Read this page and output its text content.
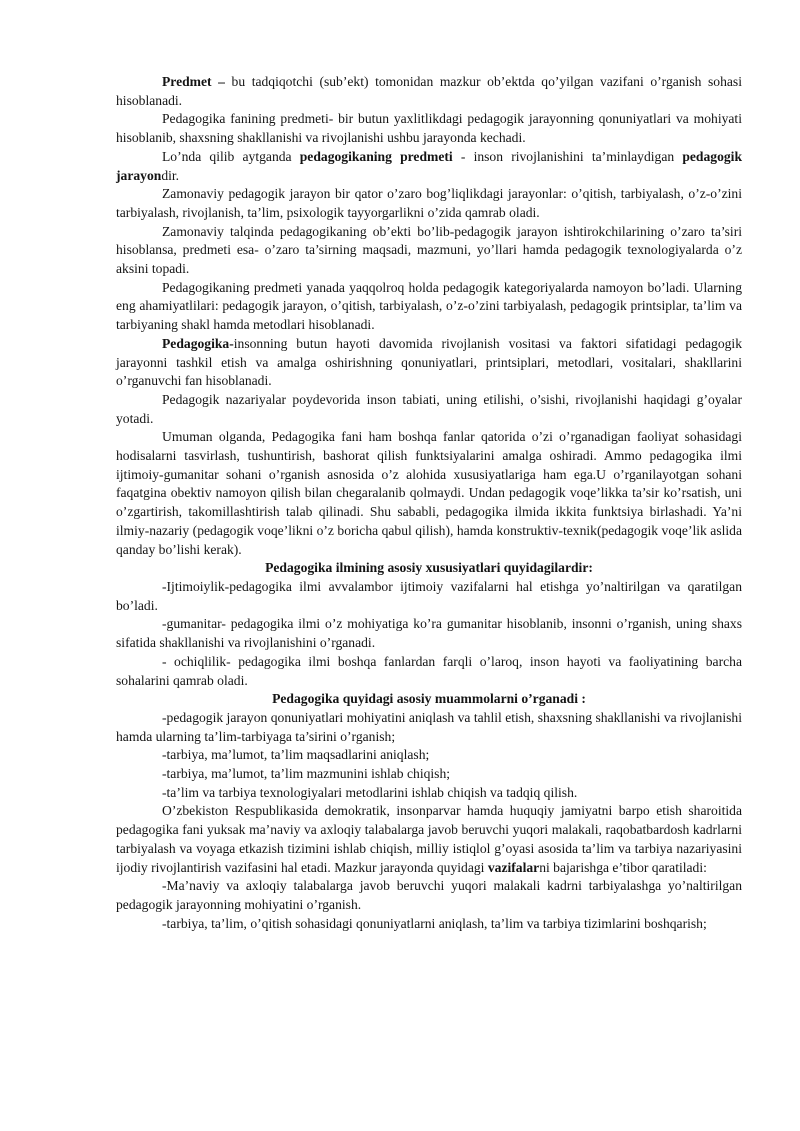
Predmet – bu tadqiqotchi (sub’ekt) tomonidan mazkur ob’ektda qo’yilgan vazifani o’rganish sohasi hisoblanadi.

Pedagogika fanining predmeti- bir butun yaxlitlikdagi pedagogik jarayonning qonuniyatlari va mohiyati hisoblanib, shaxsning shakllanishi va rivojlanishi ushbu jarayonda kechadi.

Lo’nda qilib aytganda pedagogikaning predmeti - inson rivojlanishini ta’minlaydigan pedagogik jarayondir.

Zamonaviy pedagogik jarayon bir qator o’zaro bog’liqlikdagi jarayonlar: o’qitish, tarbiyalash, o’z-o’zini tarbiyalash, rivojlanish, ta’lim, psixologik tayyorgarlikni o’zida qamrab oladi.

Zamonaviy talqinda pedagogikaning ob’ekti bo’lib-pedagogik jarayon ishtirokchilarining o’zaro ta’siri hisoblansa, predmeti esa- o’zaro ta’sirning maqsadi, mazmuni, yo’llari hamda pedagogik texnologiyalarda o’z aksini topadi.

Pedagogikaning predmeti yanada yaqqolroq holda pedagogik kategoriyalarda namoyon bo’ladi. Ularning eng ahamiyatlilari: pedagogik jarayon, o’qitish, tarbiyalash, o’z-o’zini tarbiyalash, pedagogik printsiplar, ta’lim va tarbiyaning shakl hamda metodlari hisoblanadi.

Pedagogika-insonning butun hayoti davomida rivojlanish vositasi va faktori sifatidagi pedagogik jarayonni tashkil etish va amalga oshirishning qonuniyatlari, printsiplari, metodlari, vositalari, shakllarini o’rganuvchi fan hisoblanadi.

Pedagogik nazariyalar poydevorida inson tabiati, uning etilishi, o’sishi, rivojlanishi haqidagi g’oyalar yotadi.

Umuman olganda, Pedagogika fani ham boshqa fanlar qatorida o’zi o’rganadigan faoliyat sohasidagi hodisalarni tasvirlash, tushuntirish, bashorat qilish funktsiyalarini amalga oshiradi. Ammo pedagogika ilmi ijtimoiy-gumanitar sohani o’rganish asnosida o’z alohida xususiyatlariga ham ega.U o’rganilayotgan sohani faqatgina obektiv namoyon qilish bilan chegaralanib qolmaydi. Undan pedagogik voqe’likka ta’sir ko’rsatish, uni o’zgartirish, takomillashtirish talab qilinadi. Shu sababli, pedagogika ilmida ikkita funktsiya birlashadi. Ya’ni ilmiy-nazariy (pedagogik voqe’likni o’z boricha qabul qilish), hamda konstruktiv-texnik(pedagogik voqe’lik aslida qanday bo’lishi kerak).

Pedagogika ilmining asosiy xususiyatlari quyidagilardir:

-Ijtimoiylik-pedagogika ilmi avvalambor ijtimoiy vazifalarni hal etishga yo’naltirilgan va qaratilgan bo’ladi.

-gumanitar- pedagogika ilmi o’z mohiyatiga ko’ra gumanitar hisoblanib, insonni o’rganish, uning shaxs sifatida shakllanishi va rivojlanishini o’rganadi.

- ochiqlilik- pedagogika ilmi boshqa fanlardan farqli o’laroq, inson hayoti va faoliyatining barcha sohalarini qamrab oladi.

Pedagogika quyidagi asosiy muammolarni o’rganadi :

-pedagogik jarayon qonuniyatlari mohiyatini aniqlash va tahlil etish, shaxsning shakllanishi va rivojlanishi hamda ularning ta’lim-tarbiyaga ta’sirini o’rganish;

-tarbiya, ma’lumot, ta’lim maqsadlarini aniqlash;

-tarbiya, ma’lumot, ta’lim mazmunini ishlab chiqish;

-ta’lim va tarbiya texnologiyalari metodlarini ishlab chiqish va tadqiq qilish.

O’zbekiston Respublikasida demokratik, insonparvar hamda huquqiy jamiyatni barpo etish sharoitida pedagogika fani yuksak ma’naviy va axloqiy talabalarga javob beruvchi yuqori malakali, raqobatbardosh kadrlarni tarbiyalash va voyaga etkazish tizimini ishlab chiqish, milliy istiqlol g’oyasi asosida ta’lim va tarbiya nazariyasini ijodiy rivojlantirish vazifasini hal etadi. Mazkur jarayonda quyidagi vazifalarni bajarishga e’tibor qaratiladi:

-Ma’naviy va axloqiy talabalarga javob beruvchi yuqori malakali kadrni tarbiyalashga yo’naltirilgan pedagogik jarayonning mohiyatini o’rganish.

-tarbiya, ta’lim, o’qitish sohasidagi qonuniyatlarni aniqlash, ta’lim va tarbiya tizimlarini boshqarish;
